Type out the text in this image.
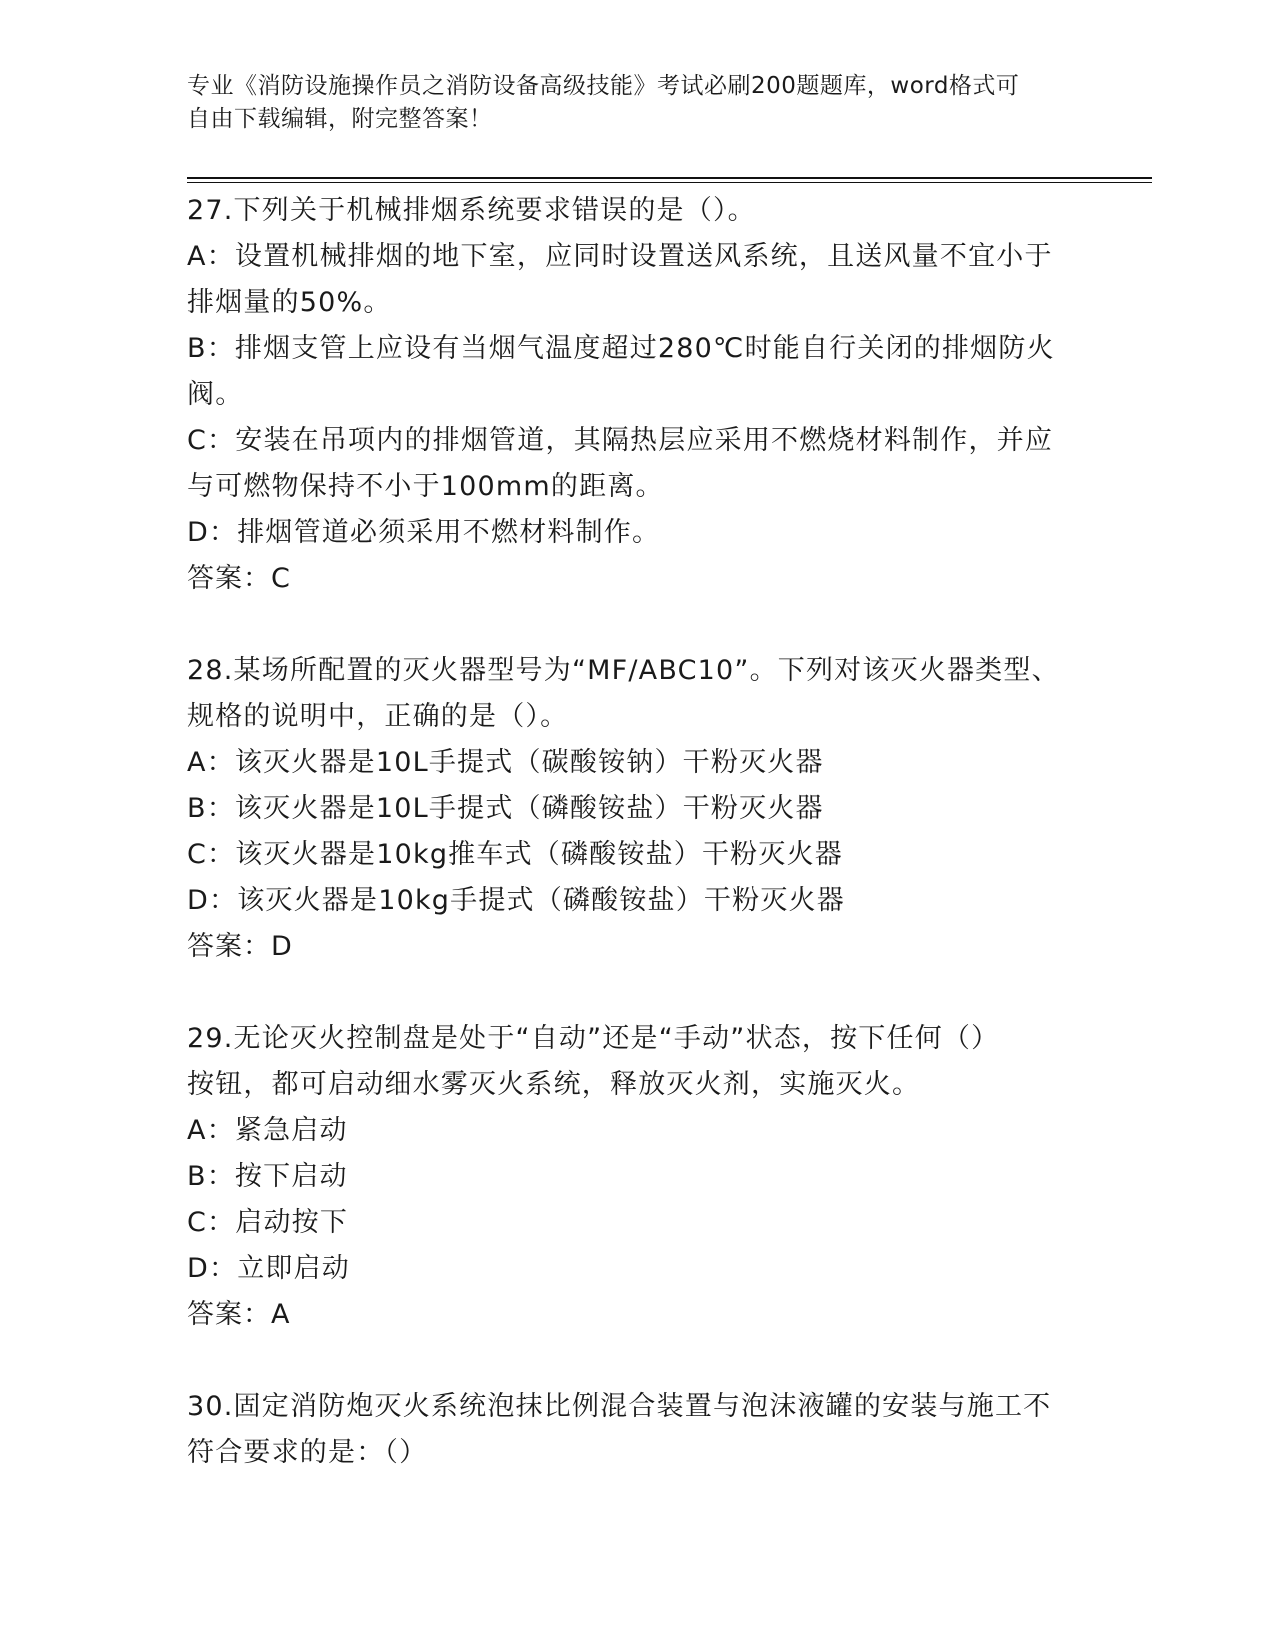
专业《消防设施操作员之消防设备高级技能》考试必刷200题题库，word格式可
自由下载编辑，附完整答案！
27.下列关于机械排烟系统要求错误的是（）。
A：设置机械排烟的地下室，应同时设置送风系统，且送风量不宜小于
排烟量的50%。
B：排烟支管上应设有当烟气温度超过280℃时能自行关闭的排烟防火
阀。
C：安装在吊项内的排烟管道，其隔热层应采用不燃烧材料制作，并应
与可燃物保持不小于100mm的距离。
D：排烟管道必须采用不燃材料制作。
答案：C
28.某场所配置的灭火器型号为“MF/ABC10”。下列对该灭火器类型、
规格的说明中，正确的是（）。
A：该灭火器是10L手提式（碳酸铵钠）干粉灭火器
B：该灭火器是10L手提式（磷酸铵盐）干粉灭火器
C：该灭火器是10kg推车式（磷酸铵盐）干粉灭火器
D：该灭火器是10kg手提式（磷酸铵盐）干粉灭火器
答案：D
29.无论灭火控制盘是处于“自动”还是“手动”状态，按下任何（）
按钮，都可启动细水雾灭火系统，释放灭火剂，实施灭火。
A：紧急启动
B：按下启动
C：启动按下
D：立即启动
答案：A
30.固定消防炮灭火系统泡抹比例混合装置与泡沫液罐的安装与施工不
符合要求的是：（）
